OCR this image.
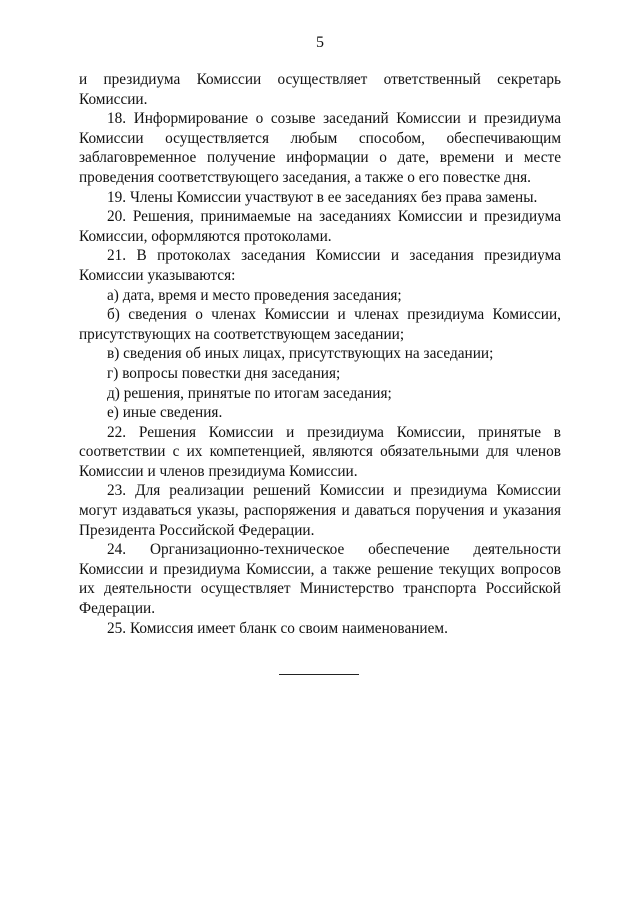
5

и президиума Комиссии осуществляет ответственный секретарь Комиссии.

18. Информирование о созыве заседаний Комиссии и президиума Комиссии осуществляется любым способом, обеспечивающим заблаговременное получение информации о дате, времени и месте проведения соответствующего заседания, а также о его повестке дня.

19. Члены Комиссии участвуют в ее заседаниях без права замены.

20. Решения, принимаемые на заседаниях Комиссии и президиума Комиссии, оформляются протоколами.

21. В протоколах заседания Комиссии и заседания президиума Комиссии указываются:

а) дата, время и место проведения заседания;

б) сведения о членах Комиссии и членах президиума Комиссии, присутствующих на соответствующем заседании;

в) сведения об иных лицах, присутствующих на заседании;

г) вопросы повестки дня заседания;

д) решения, принятые по итогам заседания;

е) иные сведения.

22. Решения Комиссии и президиума Комиссии, принятые в соответствии с их компетенцией, являются обязательными для членов Комиссии и членов президиума Комиссии.

23. Для реализации решений Комиссии и президиума Комиссии могут издаваться указы, распоряжения и даваться поручения и указания Президента Российской Федерации.

24. Организационно-техническое обеспечение деятельности Комиссии и президиума Комиссии, а также решение текущих вопросов их деятельности осуществляет Министерство транспорта Российской Федерации.

25. Комиссия имеет бланк со своим наименованием.
